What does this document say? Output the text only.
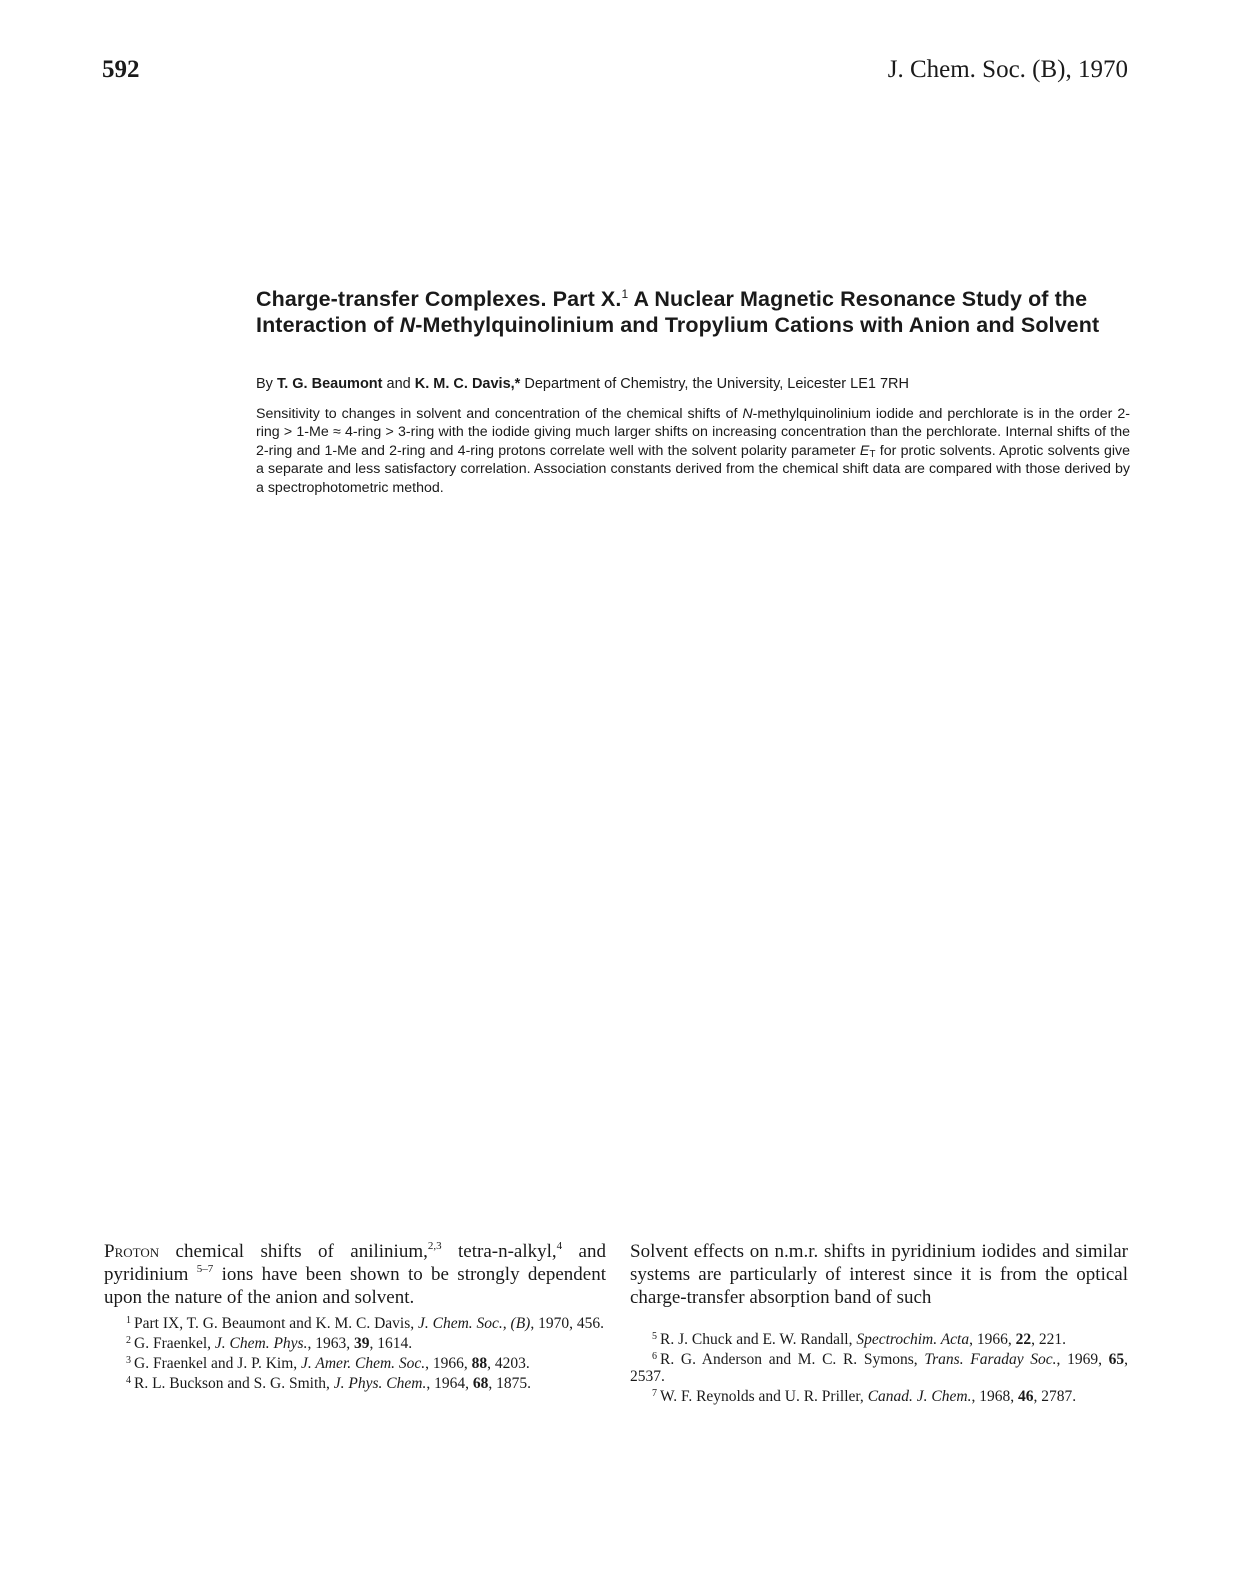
592	J. Chem. Soc. (B), 1970
Charge-transfer Complexes. Part X.$^1$ A Nuclear Magnetic Resonance Study of the Interaction of N-Methylquinolinium and Tropylium Cations with Anion and Solvent
By T. G. Beaumont and K. M. C. Davis,* Department of Chemistry, the University, Leicester LE1 7RH

Sensitivity to changes in solvent and concentration of the chemical shifts of N-methylquinolinium iodide and perchlorate is in the order 2-ring > 1-Me ≈ 4-ring > 3-ring with the iodide giving much larger shifts on increasing concentration than the perchlorate. Internal shifts of the 2-ring and 1-Me and 2-ring and 4-ring protons correlate well with the solvent polarity parameter $E_T$ for protic solvents. Aprotic solvents give a separate and less satisfactory correlation. Association constants derived from the chemical shift data are compared with those derived by a spectrophotometric method.

Proton chemical shifts of anilinium,$^{2,3}$ tetra-n-alkyl,$^4$ and pyridinium $^{5-7}$ ions have been shown to be strongly dependent upon the nature of the anion and solvent.

Solvent effects on n.m.r. shifts in pyridinium iodides and similar systems are particularly of interest since it is from the optical charge-transfer absorption band of such

$^1$ Part IX, T. G. Beaumont and K. M. C. Davis, J. Chem. Soc., (B), 1970, 456.
$^2$ G. Fraenkel, J. Chem. Phys., 1963, 39, 1614.
$^3$ G. Fraenkel and J. P. Kim, J. Amer. Chem. Soc., 1966, 88, 4203.
$^4$ R. L. Buckson and S. G. Smith, J. Phys. Chem., 1964, 68, 1875.
$^5$ R. J. Chuck and E. W. Randall, Spectrochim. Acta, 1966, 22, 221.
$^6$ R. G. Anderson and M. C. R. Symons, Trans. Faraday Soc., 1969, 65, 2537.
$^7$ W. F. Reynolds and U. R. Priller, Canad. J. Chem., 1968, 46, 2787.
